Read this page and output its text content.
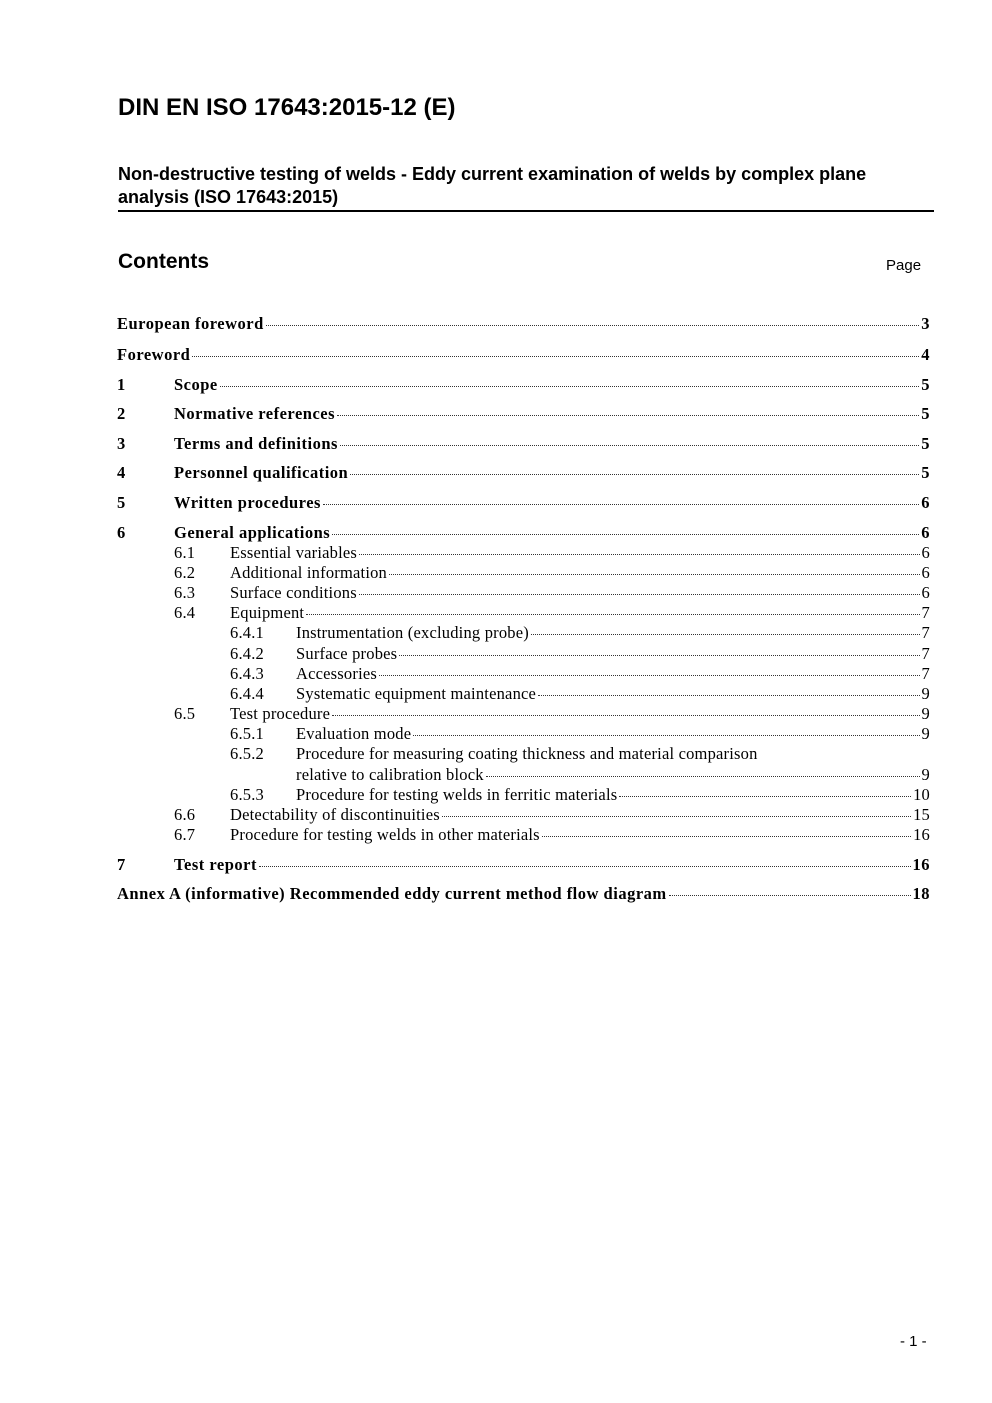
DIN EN ISO 17643:2015-12 (E)
Non-destructive testing of welds - Eddy current examination of welds by complex plane analysis (ISO 17643:2015)
Contents	Page
European foreword	3
Foreword	4
1	Scope	5
2	Normative references	5
3	Terms and definitions	5
4	Personnel qualification	5
5	Written procedures	6
6	General applications	6
6.1	Essential variables	6
6.2	Additional information	6
6.3	Surface conditions	6
6.4	Equipment	7
6.4.1	Instrumentation (excluding probe)	7
6.4.2	Surface probes	7
6.4.3	Accessories	7
6.4.4	Systematic equipment maintenance	9
6.5	Test procedure	9
6.5.1	Evaluation mode	9
6.5.2	Procedure for measuring coating thickness and material comparison
relative to calibration block	9
6.5.3	Procedure for testing welds in ferritic materials	10
6.6	Detectability of discontinuities	15
6.7	Procedure for testing welds in other materials	16
7	Test report	16
Annex A (informative) Recommended eddy current method flow diagram	18
- 1 -
